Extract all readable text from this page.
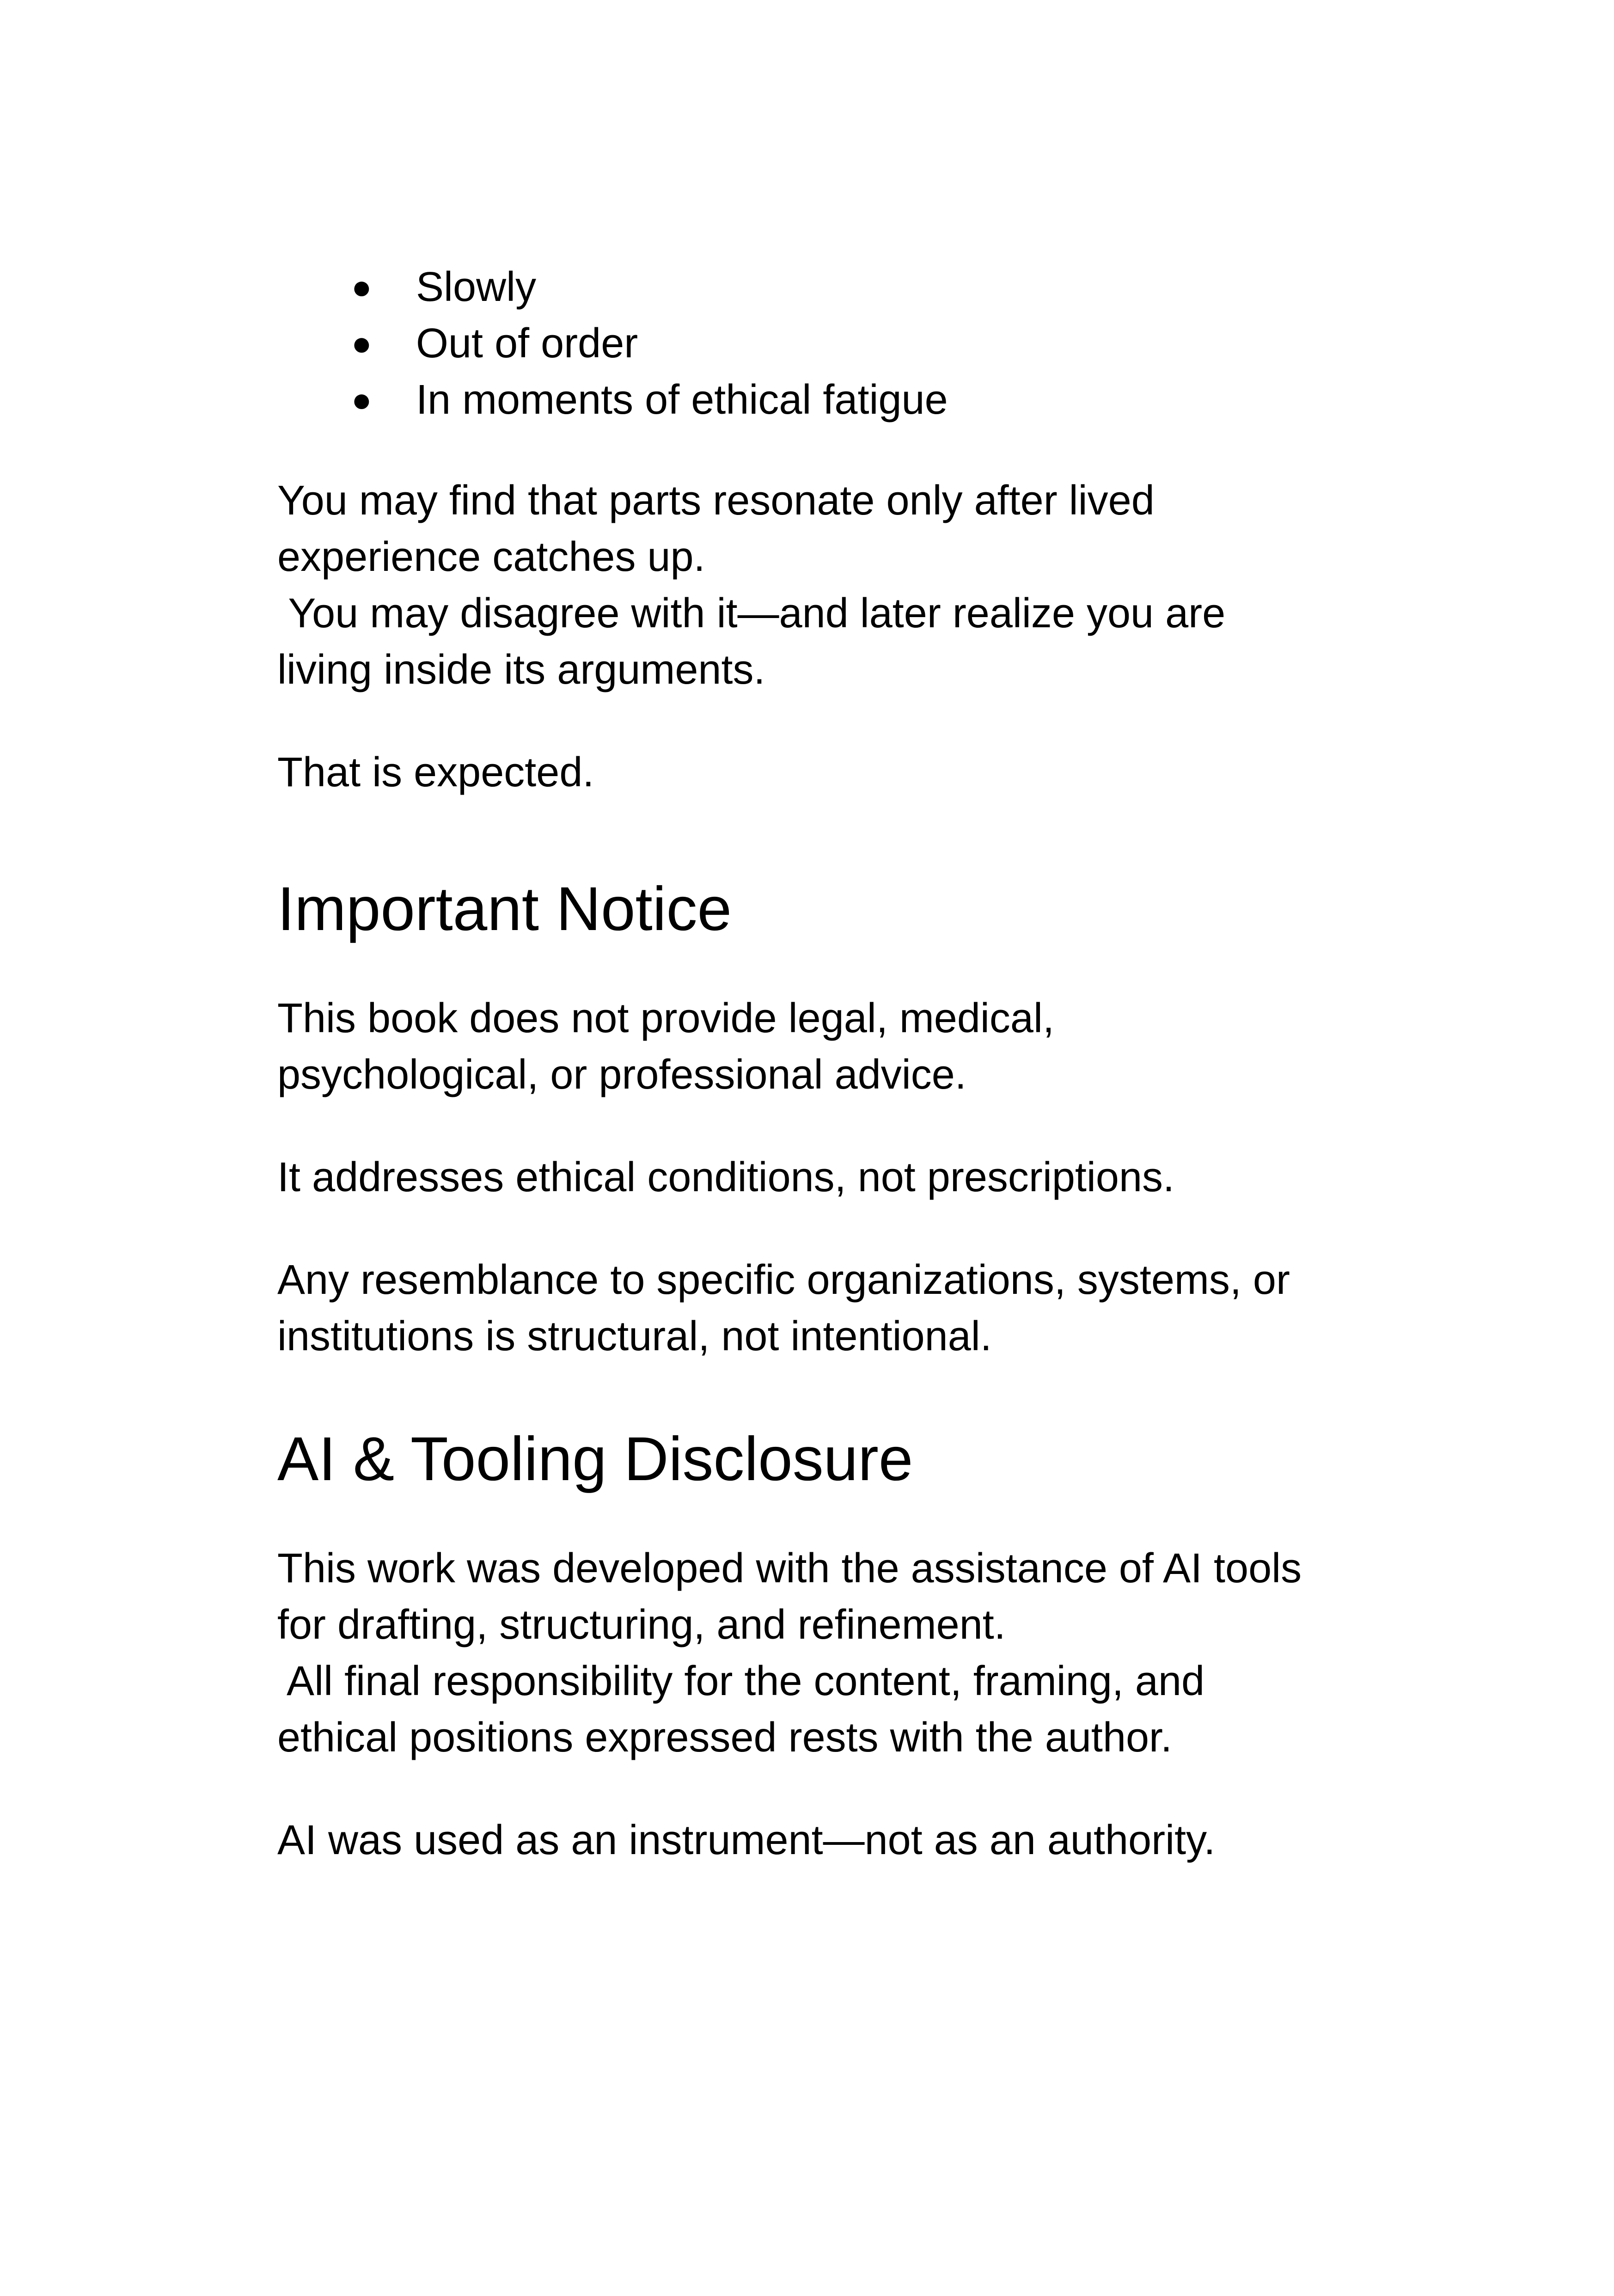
● Slowly
● Out of order
● In moments of ethical fatigue

You may find that parts resonate only after lived
experience catches up.
You may disagree with it—and later realize you are
living inside its arguments.

That is expected.

Important Notice

This book does not provide legal, medical,
psychological, or professional advice.

It addresses ethical conditions, not prescriptions.

Any resemblance to specific organizations, systems, or
institutions is structural, not intentional.

AI & Tooling Disclosure

This work was developed with the assistance of AI tools
for drafting, structuring, and refinement.
All final responsibility for the content, framing, and
ethical positions expressed rests with the author.

AI was used as an instrument—not as an authority.
